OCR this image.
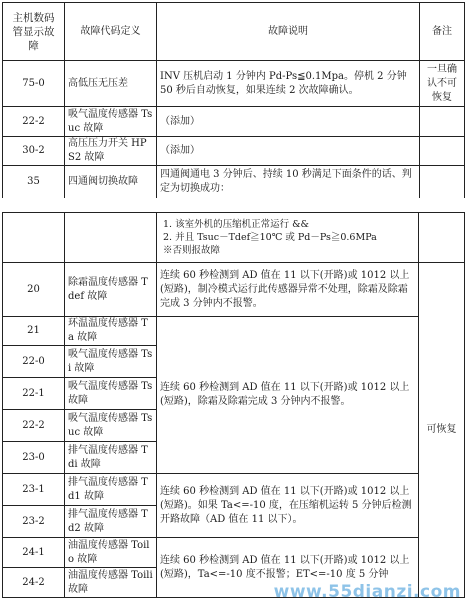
主机数码管显示故障	故障代码定义	故障说明	备注
75-0	高低压无压差	INV 压机启动 1 分钟内 Pd-Ps≦0.1Mpa。停机 2 分钟 50 秒后自动恢复，如果连续 2 次故障确认。	一旦确认不可恢复
22-2	吸气温度传感器 Tsuc 故障	（添加）	
30-2	高压压力开关 HPS2 故障	（添加）	
35	四通阀切换故障	四通阀通电 3 分钟后、持续 10 秒满足下面条件的话、判定为切换成功：	

		1. 该室外机的压缩机正常运行 &&
2. 并且 Tsuc－Tdef≧10℃ 或 Pd－Ps≧0.6MPa
※否则报故障	

20	除霜温度传感器 Tdef 故障	连续 60 秒检测到 AD 值在 11 以下(开路)或 1012 以上(短路)，制冷模式运行此传感器异常不处理，除霜及除霜完成 3 分钟内不报警。	可恢复
21	环温温度传感器 Ta 故障	连续 60 秒检测到 AD 值在 11 以下(开路)或 1012 以上(短路)，除霜及除霜完成 3 分钟内不报警。	
22-0	吸气温度传感器 Tsi 故障		
22-1	吸气温度传感器 Ts 故障		
22-2	吸气温度传感器 Tsuc 故障		
23-0	排气温度传感器 Tdi 故障		
23-1	排气温度传感器 Td1 故障	连续 60 秒检测到 AD 值在 11 以下(开路)或 1012 以上(短路)。如果 Ta<=-10 度，在压缩机运转 5 分钟后检测开路故障（AD 值在 11 以下）。	
23-2	排气温度传感器 Td2 故障		
24-1	油温度传感器 Toilo 故障	连续 60 秒检测到 AD 值在 11 以下(开路)或 1012 以上(短路)，Ta<=-10 度不报警；ET<=-10 度 5 分钟	
24-2	油温度传感器 Toili 故障			www.55dianzi.com
